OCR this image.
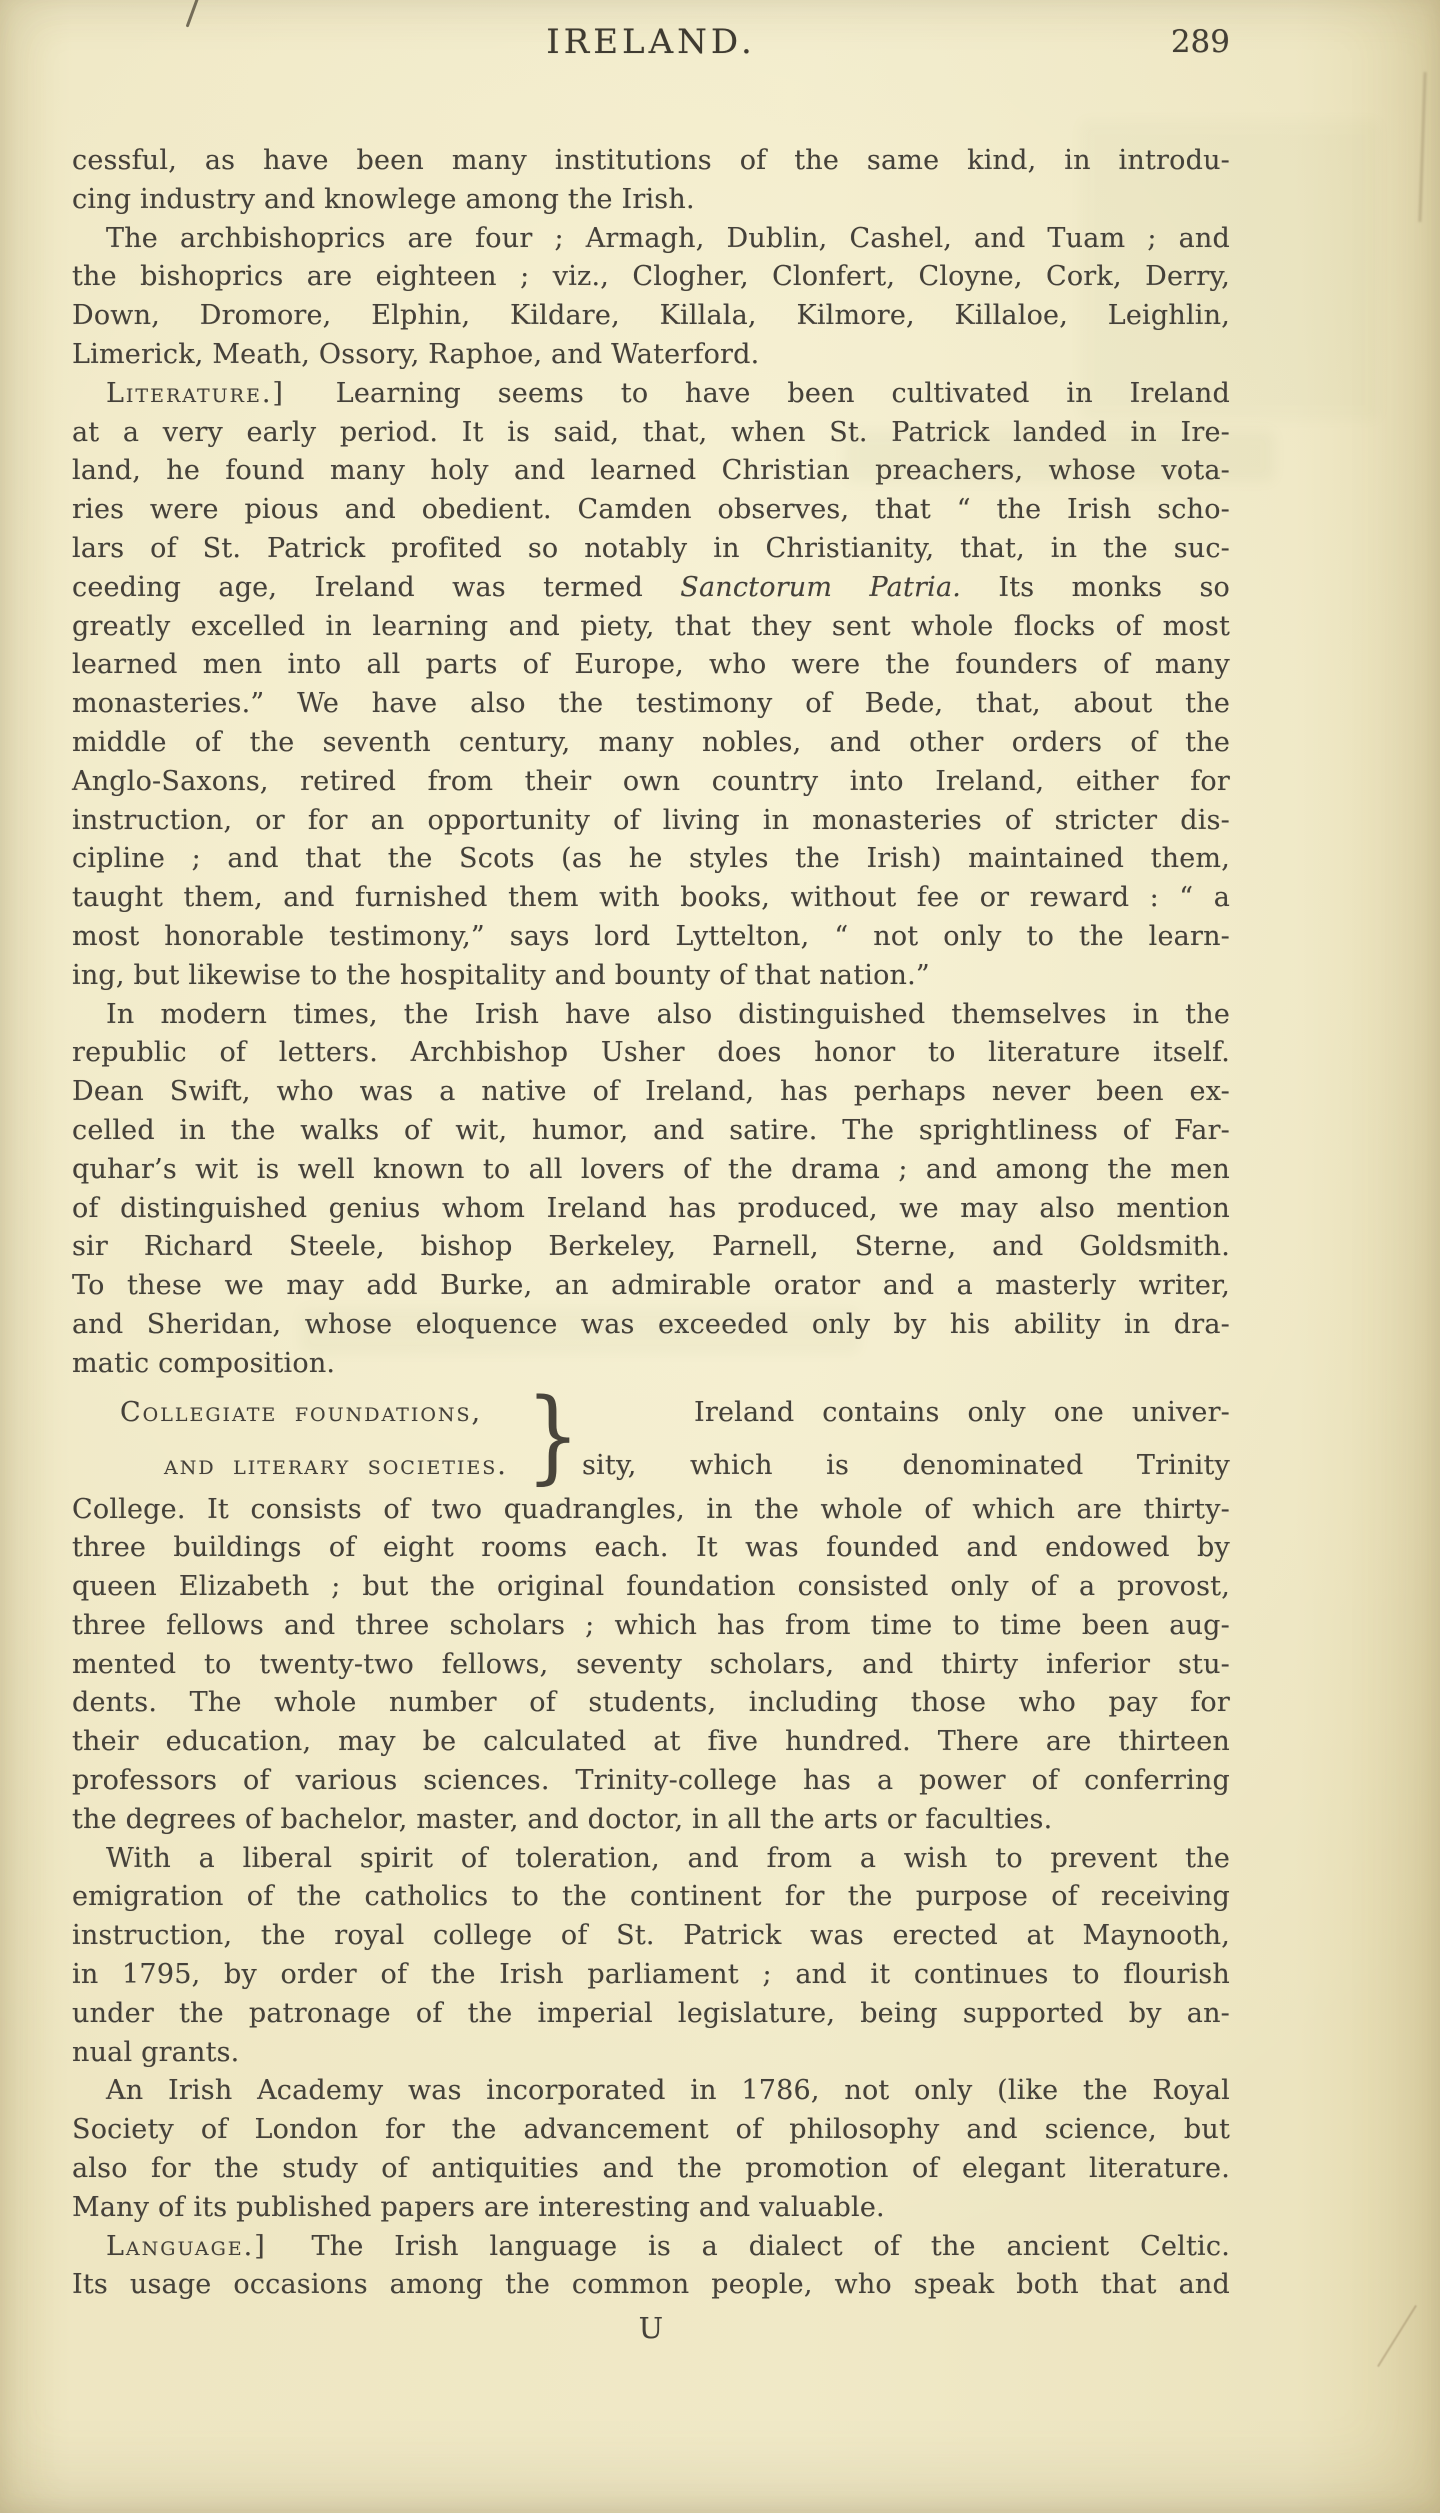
IRELAND.	289
cessful, as have been many institutions of the same kind, in introdu-
cing industry and knowlege among the Irish.
The archbishoprics are four ; Armagh, Dublin, Cashel, and Tuam ; and
the bishoprics are eighteen ; viz., Clogher, Clonfert, Cloyne, Cork, Derry,
Down, Dromore, Elphin, Kildare, Killala, Kilmore, Killaloe, Leighlin,
Limerick, Meath, Ossory, Raphoe, and Waterford.
Literature.] Learning seems to have been cultivated in Ireland
at a very early period. It is said, that, when St. Patrick landed in Ire-
land, he found many holy and learned Christian preachers, whose vota-
ries were pious and obedient. Camden observes, that “ the Irish scho-
lars of St. Patrick profited so notably in Christianity, that, in the suc-
ceeding age, Ireland was termed Sanctorum Patria. Its monks so
greatly excelled in learning and piety, that they sent whole flocks of most
learned men into all parts of Europe, who were the founders of many
monasteries.” We have also the testimony of Bede, that, about the
middle of the seventh century, many nobles, and other orders of the
Anglo-Saxons, retired from their own country into Ireland, either for
instruction, or for an opportunity of living in monasteries of stricter dis-
cipline ; and that the Scots (as he styles the Irish) maintained them,
taught them, and furnished them with books, without fee or reward : “ a
most honorable testimony,” says lord Lyttelton, “ not only to the learn-
ing, but likewise to the hospitality and bounty of that nation.”
In modern times, the Irish have also distinguished themselves in the
republic of letters. Archbishop Usher does honor to literature itself.
Dean Swift, who was a native of Ireland, has perhaps never been ex-
celled in the walks of wit, humor, and satire. The sprightliness of Far-
quhar’s wit is well known to all lovers of the drama ; and among the men
of distinguished genius whom Ireland has produced, we may also mention
sir Richard Steele, bishop Berkeley, Parnell, Sterne, and Goldsmith.
To these we may add Burke, an admirable orator and a masterly writer,
and Sheridan, whose eloquence was exceeded only by his ability in dra-
matic composition.
Collegiate foundations,
and literary societies. }	Ireland contains only one univer-
sity, which is denominated Trinity
College. It consists of two quadrangles, in the whole of which are thirty-
three buildings of eight rooms each. It was founded and endowed by
queen Elizabeth ; but the original foundation consisted only of a provost,
three fellows and three scholars ; which has from time to time been aug-
mented to twenty-two fellows, seventy scholars, and thirty inferior stu-
dents. The whole number of students, including those who pay for
their education, may be calculated at five hundred. There are thirteen
professors of various sciences. Trinity-college has a power of conferring
the degrees of bachelor, master, and doctor, in all the arts or faculties.
With a liberal spirit of toleration, and from a wish to prevent the
emigration of the catholics to the continent for the purpose of receiving
instruction, the royal college of St. Patrick was erected at Maynooth,
in 1795, by order of the Irish parliament ; and it continues to flourish
under the patronage of the imperial legislature, being supported by an-
nual grants.
An Irish Academy was incorporated in 1786, not only (like the Royal
Society of London for the advancement of philosophy and science, but
also for the study of antiquities and the promotion of elegant literature.
Many of its published papers are interesting and valuable.
Language.] The Irish language is a dialect of the ancient Celtic.
Its usage occasions among the common people, who speak both that and
U
